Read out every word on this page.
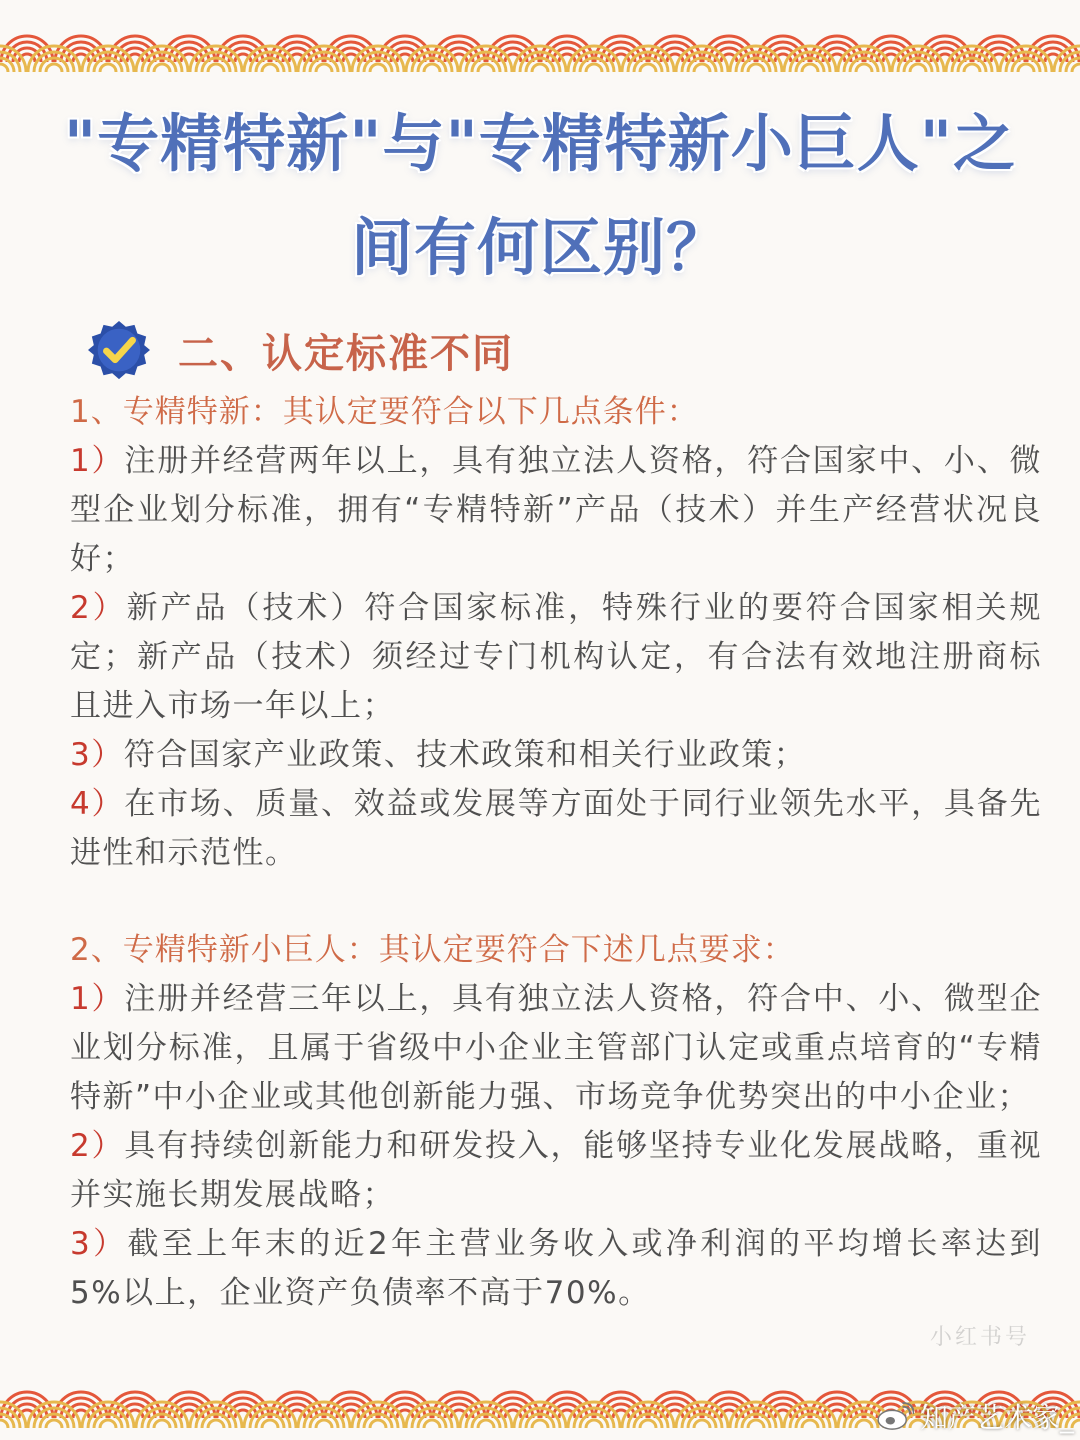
"专精特新"与"专精特新小巨人"之
间有何区别？
二、认定标准不同

1、专精特新：其认定要符合以下几点条件：

1）注册并经营两年以上，具有独立法人资格，符合国家中、小、微型企业划分标准，拥有“专精特新”产品（技术）并生产经营状况良好；

2）新产品（技术）符合国家标准，特殊行业的要符合国家相关规定；新产品（技术）须经过专门机构认定，有合法有效地注册商标且进入市场一年以上；

3）符合国家产业政策、技术政策和相关行业政策；

4）在市场、质量、效益或发展等方面处于同行业领先水平，具备先进性和示范性。

2、专精特新小巨人：其认定要符合下述几点要求：

1）注册并经营三年以上，具有独立法人资格，符合中、小、微型企业划分标准，且属于省级中小企业主管部门认定或重点培育的“专精特新”中小企业或其他创新能力强、市场竞争优势突出的中小企业；

2）具有持续创新能力和研发投入，能够坚持专业化发展战略，重视并实施长期发展战略；

3）截至上年末的近2年主营业务收入或净利润的平均增长率达到5%以上，企业资产负债率不高于70%。

小红书号
知产艺术家_
